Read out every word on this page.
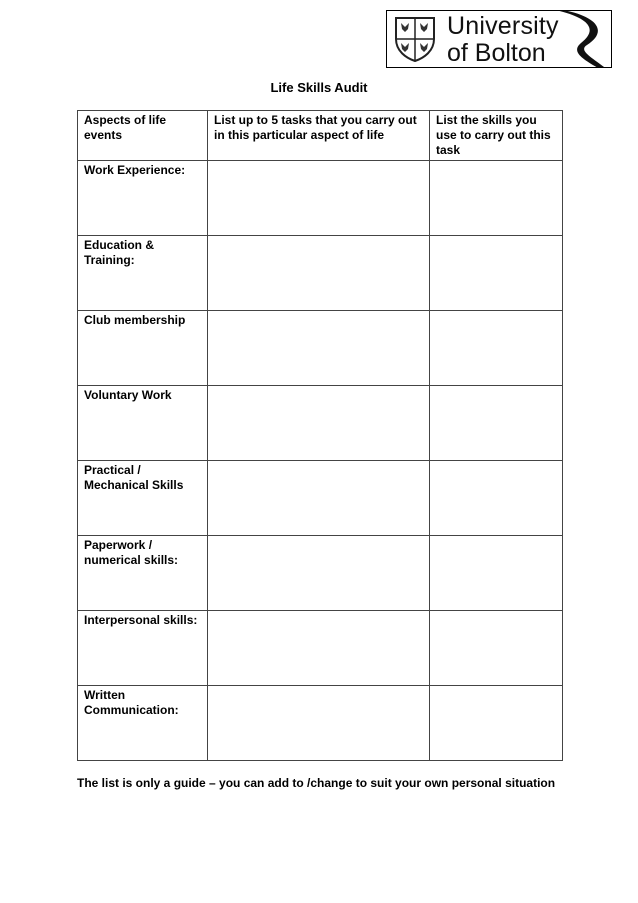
University
of Bolton
Life Skills Audit
Aspects of life events	List up to 5 tasks that you carry out in this particular aspect of life	List the skills you use to carry out this task
Work Experience:		
Education & Training:		
Club membership		
Voluntary Work		
Practical / Mechanical Skills		
Paperwork / numerical skills:		
Interpersonal skills:		
Written Communication:		
The list is only a guide – you can add to /change to suit your own personal situation
